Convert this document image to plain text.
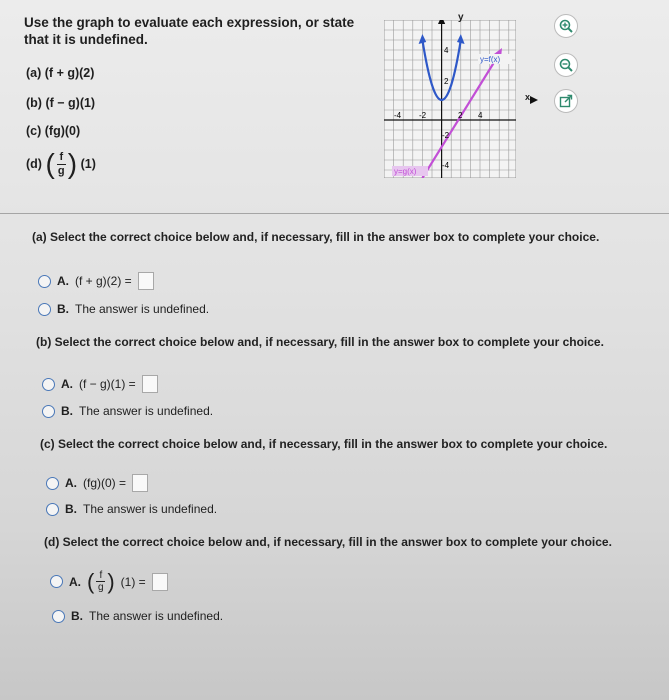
Use the graph to evaluate each expression, or state that it is undefined.
(a) (f + g)(2)
(b) (f − g)(1)
(c) (fg)(0)
(d) ( f
g ) (1)
y=f(x)
y=g(x)
-4 -2	2 4
4
2
-2
-4
y
x
(a) Select the correct choice below and, if necessary, fill in the answer box to complete your choice.
A. (f + g)(2) =
B. The answer is undefined.
(b) Select the correct choice below and, if necessary, fill in the answer box to complete your choice.
A. (f − g)(1) =
B. The answer is undefined.
(c) Select the correct choice below and, if necessary, fill in the answer box to complete your choice.
A. (fg)(0) =
B. The answer is undefined.
(d) Select the correct choice below and, if necessary, fill in the answer box to complete your choice.
A. ( f
g ) (1) =
B. The answer is undefined.
